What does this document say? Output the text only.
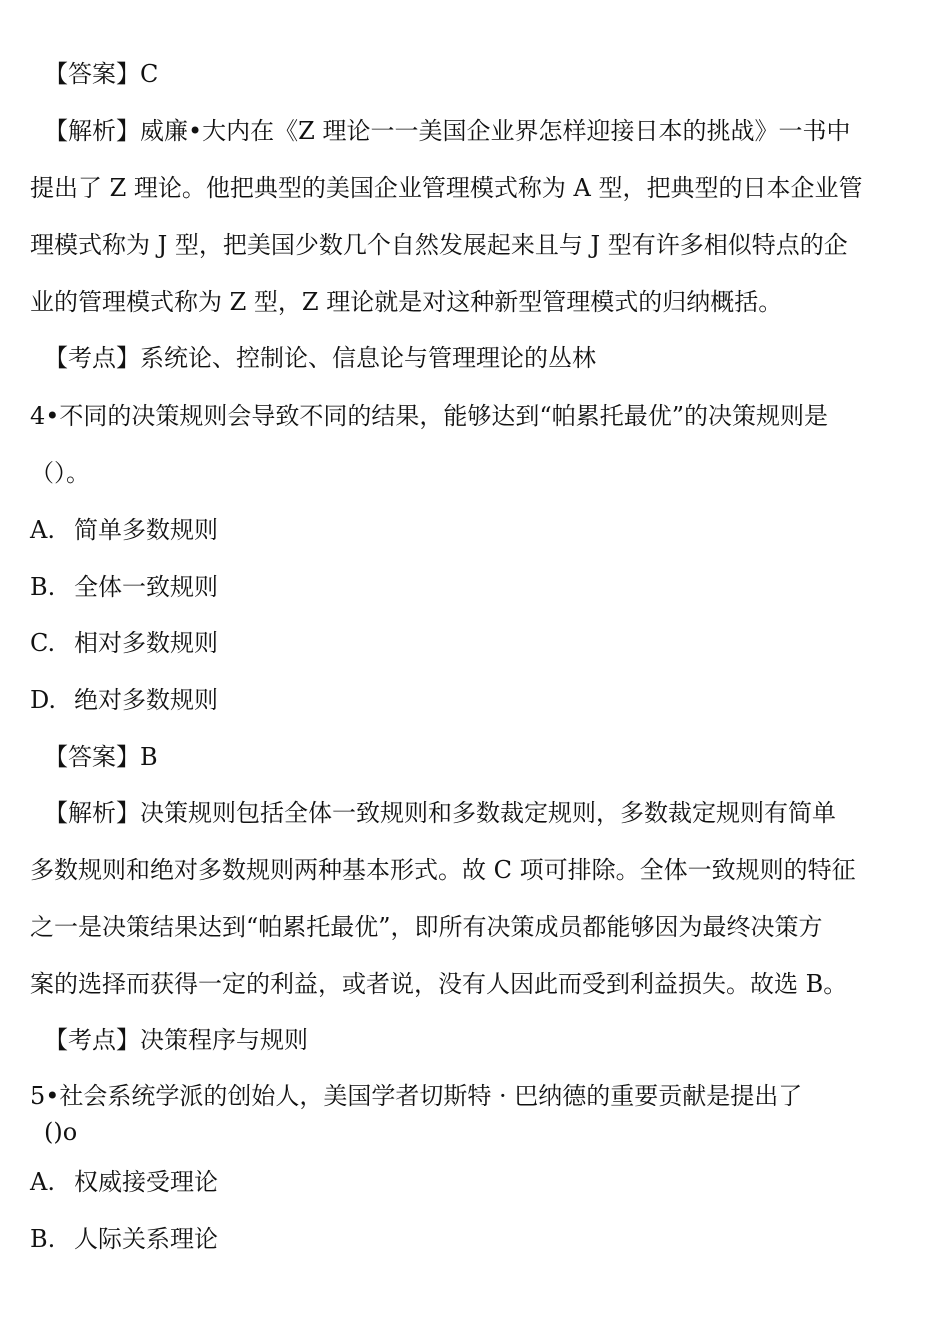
【答案】C
【解析】威廉•大内在《Z 理论一一美国企业界怎样迎接日本的挑战》一书中
提出了 Z 理论。他把典型的美国企业管理模式称为 A 型，把典型的日本企业管
理模式称为 J 型，把美国少数几个自然发展起来且与 J 型有许多相似特点的企
业的管理模式称为 Z 型，Z 理论就是对这种新型管理模式的归纳概括。
【考点】系统论、控制论、信息论与管理理论的丛林
4•不同的决策规则会导致不同的结果，能够达到“帕累托最优”的决策规则是
（）。
A. 简单多数规则
B. 全体一致规则
C. 相对多数规则
D. 绝对多数规则
【答案】B
【解析】决策规则包括全体一致规则和多数裁定规则，多数裁定规则有简单
多数规则和绝对多数规则两种基本形式。故 C 项可排除。全体一致规则的特征
之一是决策结果达到“帕累托最优”，即所有决策成员都能够因为最终决策方
案的选择而获得一定的利益，或者说，没有人因此而受到利益损失。故选 B。
【考点】决策程序与规则
5•社会系统学派的创始人，美国学者切斯特 · 巴纳德的重要贡献是提出了
()o
A. 权威接受理论
B. 人际关系理论
